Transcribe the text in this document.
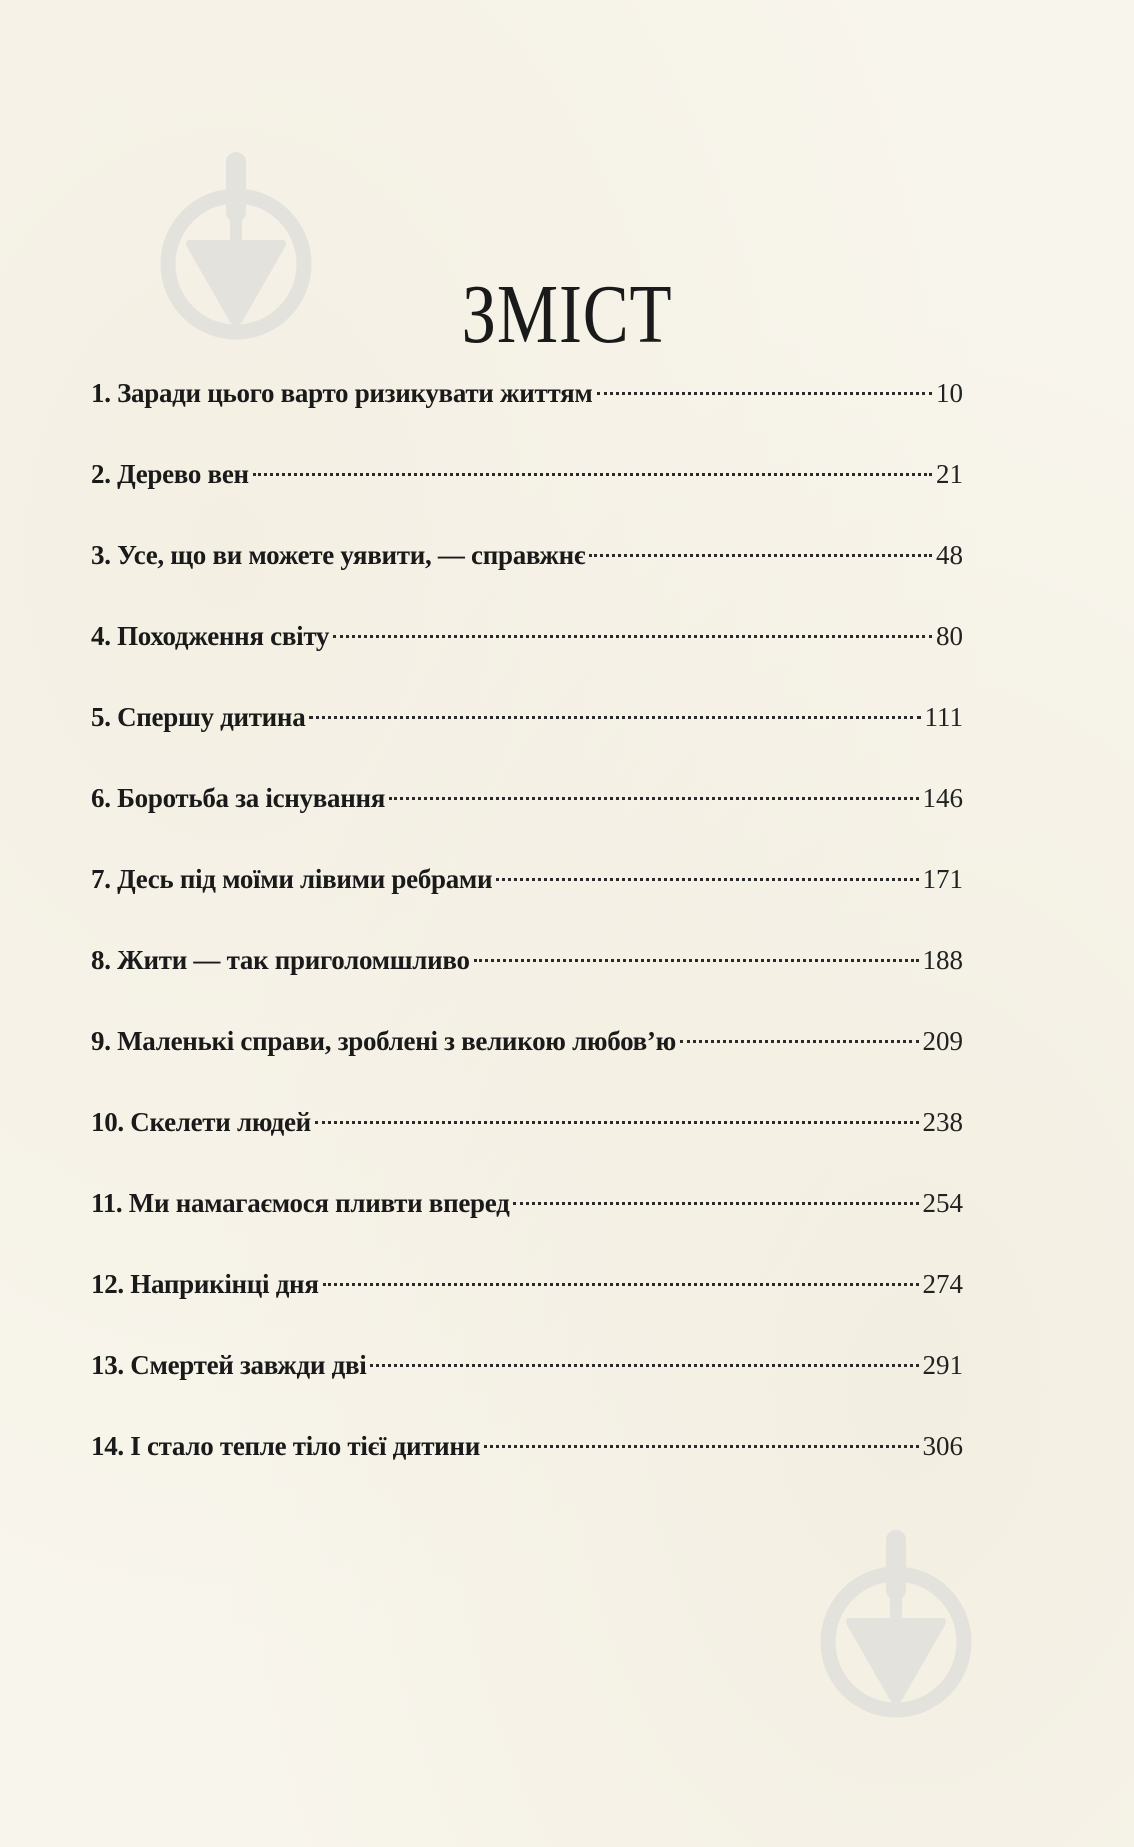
ЗМІСТ
1. Заради цього варто ризикувати життям	10
2. Дерево вен	21
3. Усе, що ви можете уявити, — справжнє	48
4. Походження світу	80
5. Спершу дитина	111
6. Боротьба за існування	146
7. Десь під моїми лівими ребрами	171
8. Жити — так приголомшливо	188
9. Маленькі справи, зроблені з великою любов’ю	209
10. Скелети людей	238
11. Ми намагаємося пливти вперед	254
12. Наприкінці дня	274
13. Смертей завжди дві	291
14. І стало тепле тіло тієї дитини	306
